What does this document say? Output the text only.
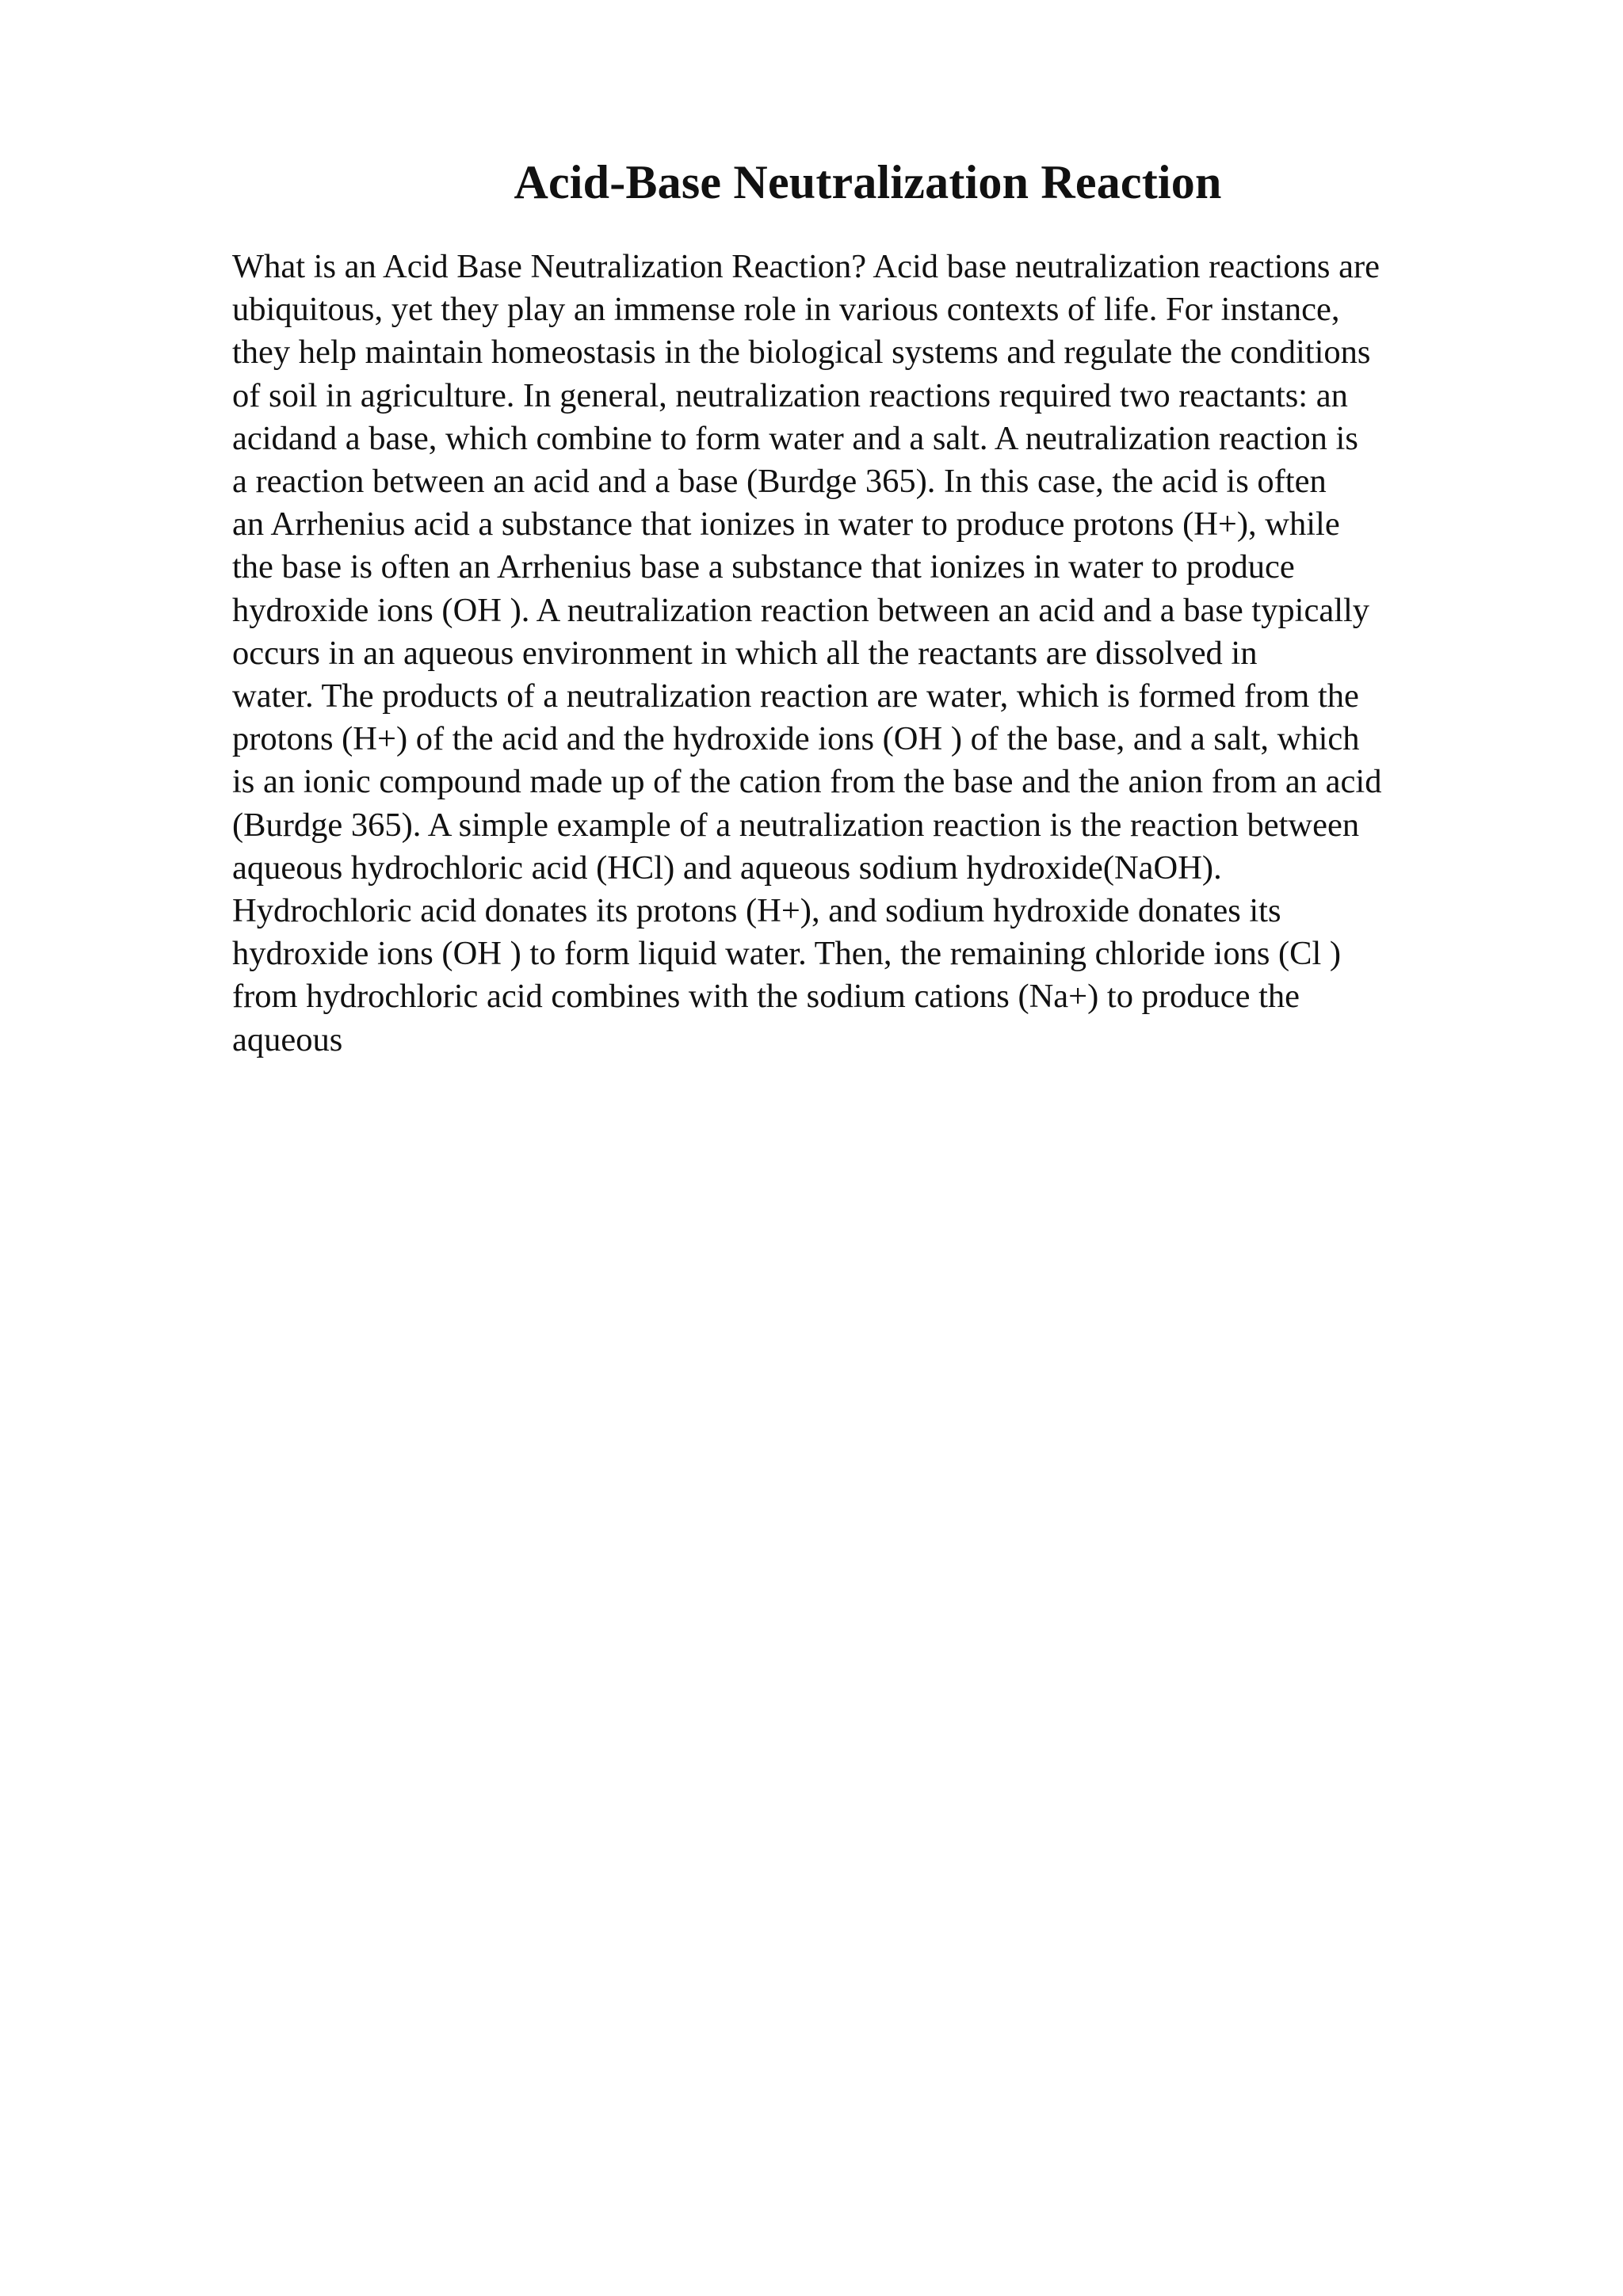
Acid-Base Neutralization Reaction
What is an Acid Base Neutralization Reaction? Acid base neutralization reactions are
ubiquitous, yet they play an immense role in various contexts of life. For instance,
they help maintain homeostasis in the biological systems and regulate the conditions
of soil in agriculture. In general, neutralization reactions required two reactants: an
acidand a base, which combine to form water and a salt. A neutralization reaction is
a reaction between an acid and a base (Burdge 365). In this case, the acid is often
an Arrhenius acid a substance that ionizes in water to produce protons (H+), while
the base is often an Arrhenius base a substance that ionizes in water to produce
hydroxide ions (OH ). A neutralization reaction between an acid and a base typically
occurs in an aqueous environment in which all the reactants are dissolved in
water. The products of a neutralization reaction are water, which is formed from the
protons (H+) of the acid and the hydroxide ions (OH ) of the base, and a salt, which
is an ionic compound made up of the cation from the base and the anion from an acid
(Burdge 365). A simple example of a neutralization reaction is the reaction between
aqueous hydrochloric acid (HCl) and aqueous sodium hydroxide(NaOH).
Hydrochloric acid donates its protons (H+), and sodium hydroxide donates its
hydroxide ions (OH ) to form liquid water. Then, the remaining chloride ions (Cl )
from hydrochloric acid combines with the sodium cations (Na+) to produce the
aqueous
